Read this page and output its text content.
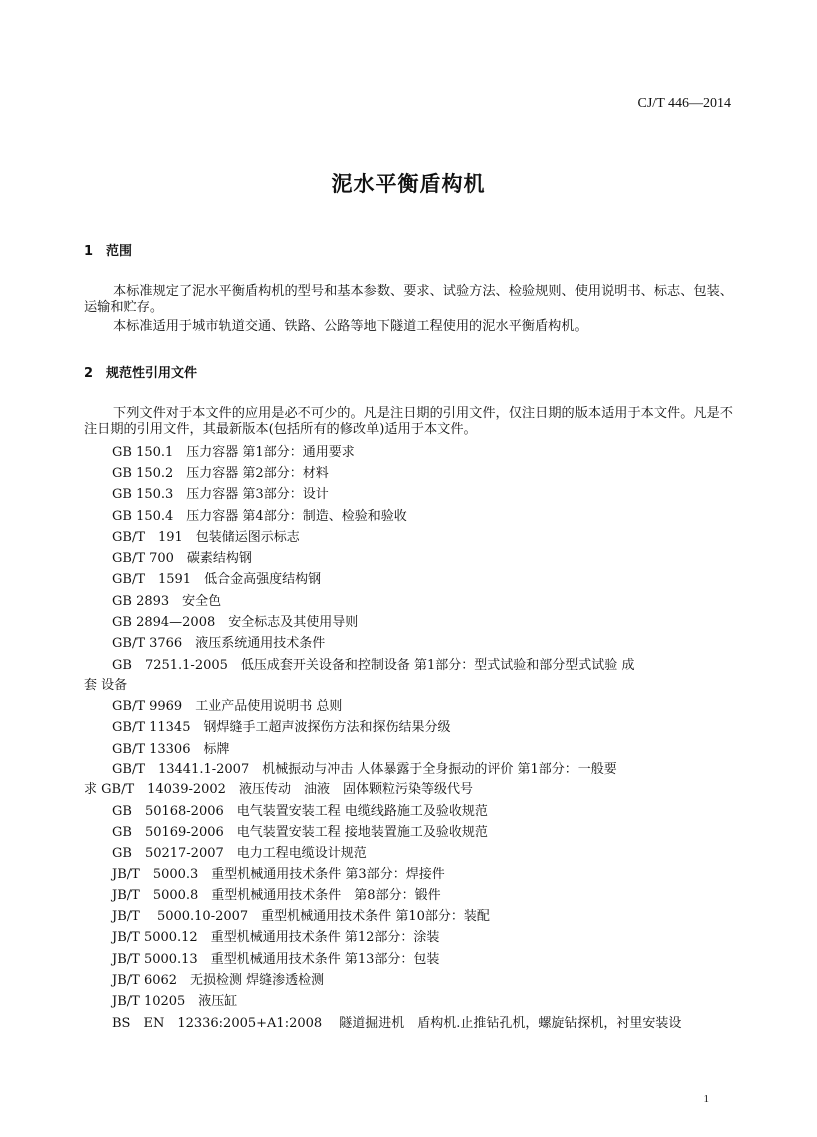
CJ/T 446—2014
泥水平衡盾构机
1 范围

本标准规定了泥水平衡盾构机的型号和基本参数、要求、试验方法、检验规则、使用说明书、标志、包装、运输和贮存。

本标准适用于城市轨道交通、铁路、公路等地下隧道工程使用的泥水平衡盾构机。

2 规范性引用文件

下列文件对于本文件的应用是必不可少的。凡是注日期的引用文件，仅注日期的版本适用于本文件。凡是不注日期的引用文件，其最新版本(包括所有的修改单)适用于本文件。

GB 150.1　压力容器 第1部分：通用要求
GB 150.2　压力容器 第2部分：材料
GB 150.3　压力容器 第3部分：设计
GB 150.4　压力容器 第4部分：制造、检验和验收
GB/T　191　包装储运图示标志
GB/T 700　碳素结构钢
GB/T　1591　低合金高强度结构钢
GB 2893　安全色
GB 2894—2008　安全标志及其使用导则
GB/T 3766　液压系统通用技术条件
GB　7251.1-2005　低压成套开关设备和控制设备 第1部分：型式试验和部分型式试验 成
套 设备
GB/T 9969　工业产品使用说明书 总则
GB/T 11345　钢焊缝手工超声波探伤方法和探伤结果分级
GB/T 13306　标牌
GB/T　13441.1-2007　机械振动与冲击 人体暴露于全身振动的评价 第1部分：一般要
求 GB/T　14039-2002　液压传动　油液　固体颗粒污染等级代号
GB　50168-2006　电气装置安装工程 电缆线路施工及验收规范
GB　50169-2006　电气装置安装工程 接地装置施工及验收规范
GB　50217-2007　电力工程电缆设计规范
JB/T　5000.3　重型机械通用技术条件 第3部分：焊接件
JB/T　5000.8　重型机械通用技术条件　第8部分：锻件
JB/T　 5000.10-2007　重型机械通用技术条件 第10部分：装配
JB/T 5000.12　重型机械通用技术条件 第12部分：涂装
JB/T 5000.13　重型机械通用技术条件 第13部分：包装
JB/T 6062　无损检测 焊缝渗透检测
JB/T 10205　液压缸
BS　EN　12336:2005+A1:2008　 隧道掘进机　盾构机.止推钻孔机，螺旋钻探机，衬里安装设
1
